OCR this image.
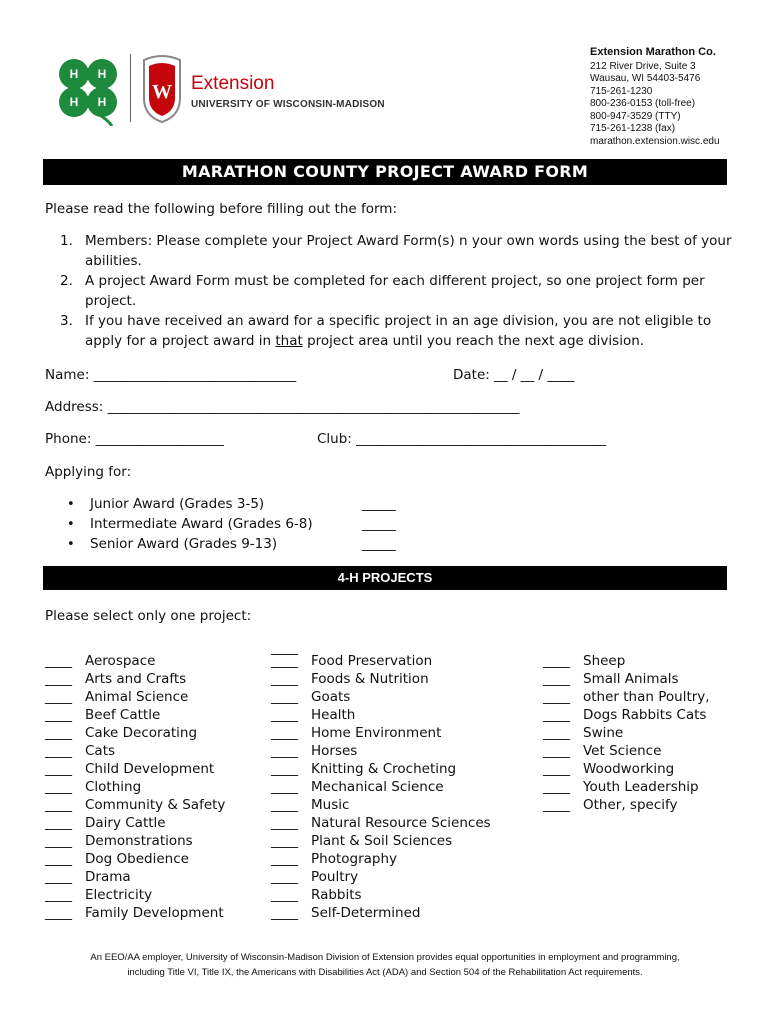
H H
H H W Extension
UNIVERSITY OF WISCONSIN-MADISON
Extension Marathon Co.
212 River Drive, Suite 3
Wausau, WI 54403-5476
715-261-1230
800-236-0153 (toll-free)
800-947-3529 (TTY)
715-261-1238 (fax)
marathon.extension.wisc.edu
MARATHON COUNTY PROJECT AWARD FORM
Please read the following before filling out the form:
1. Members: Please complete your Project Award Form(s) n your own words using the best of your abilities.
2. A project Award Form must be completed for each different project, so one project form per project.
3. If you have received an award for a specific project in an age division, you are not eligible to apply for a project award in that project area until you reach the next age division.
Name: ______________________________	Date: __ / __ / ____
Address: _____________________________________________________________
Phone: ___________________	Club: _____________________________________
Applying for:
• Junior Award (Grades 3-5)	_____
• Intermediate Award (Grades 6-8)	_____
• Senior Award (Grades 9-13)	_____
4-H PROJECTS
Please select only one project:
____
____ Aerospace
____ Arts and Crafts
____ Animal Science
____ Beef Cattle
____ Cake Decorating
____ Cats
____ Child Development
____ Clothing
____ Community & Safety
____ Dairy Cattle
____ Demonstrations
____ Dog Obedience
____ Drama
____ Electricity
____ Family Development
____ Food Preservation
____ Foods & Nutrition
____ Goats
____ Health
____ Home Environment
____ Horses
____ Knitting & Crocheting
____ Mechanical Science
____ Music
____ Natural Resource Sciences
____ Plant & Soil Sciences
____ Photography
____ Poultry
____ Rabbits
____ Self-Determined
____ Sheep
____ Small Animals
____ other than Poultry,
____ Dogs Rabbits Cats
____ Swine
____ Vet Science
____ Woodworking
____ Youth Leadership
____ Other, specify
An EEO/AA employer, University of Wisconsin-Madison Division of Extension provides equal opportunities in employment and programming,
including Title VI, Title IX, the Americans with Disabilities Act (ADA) and Section 504 of the Rehabilitation Act requirements.
